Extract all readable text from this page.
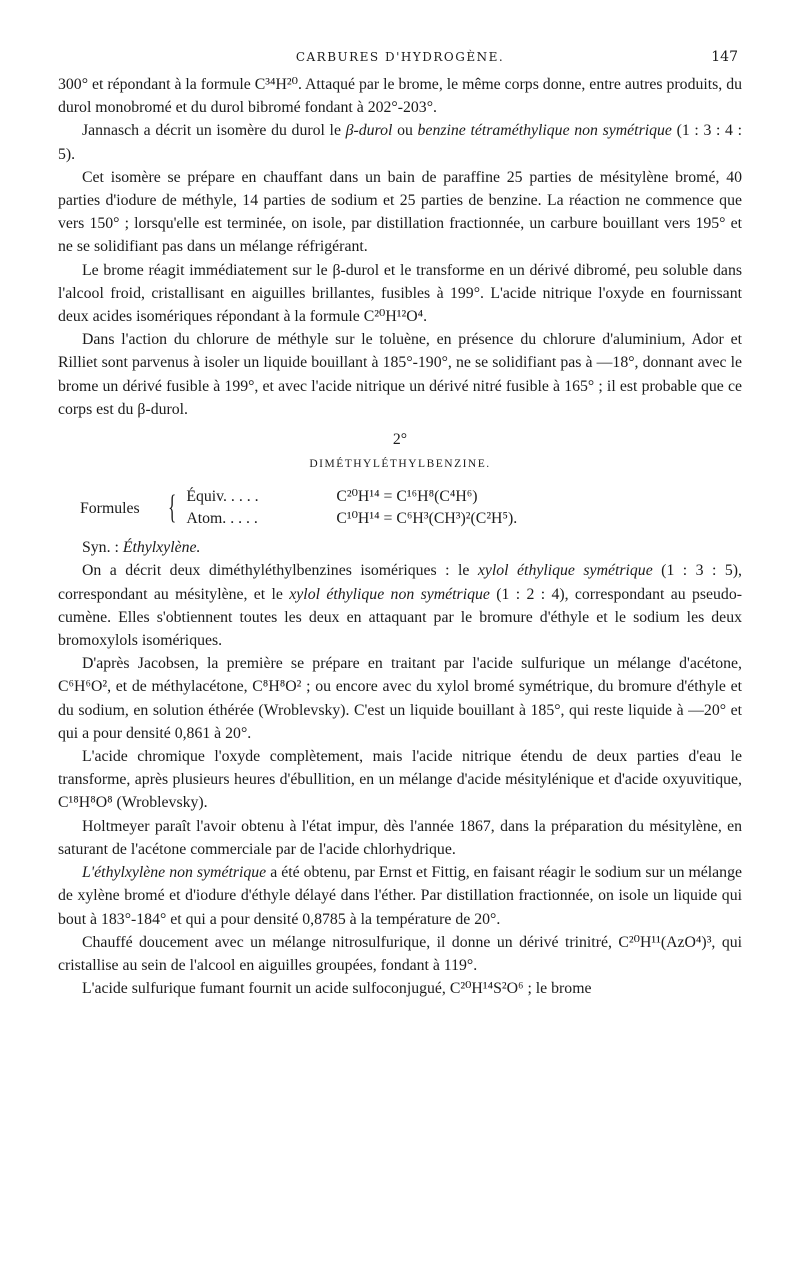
CARBURES D'HYDROGÈNE.	147

300° et répondant à la formule C³⁴H²⁰. Attaqué par le brome, le même corps donne, entre autres produits, du durol monobromé et du durol bibromé fondant à 202°-203°.

Jannasch a décrit un isomère du durol le β-durol ou benzine tétraméthylique non symétrique (1 : 3 : 4 : 5).

Cet isomère se prépare en chauffant dans un bain de paraffine 25 parties de mésitylène bromé, 40 parties d'iodure de méthyle, 14 parties de sodium et 25 parties de benzine. La réaction ne commence que vers 150° ; lorsqu'elle est terminée, on isole, par distillation fractionnée, un carbure bouillant vers 195° et ne se solidifiant pas dans un mélange réfrigérant.

Le brome réagit immédiatement sur le β-durol et le transforme en un dérivé dibromé, peu soluble dans l'alcool froid, cristallisant en aiguilles brillantes, fusibles à 199°. L'acide nitrique l'oxyde en fournissant deux acides isomériques répondant à la formule C²⁰H¹²O⁴.

Dans l'action du chlorure de méthyle sur le toluène, en présence du chlorure d'aluminium, Ador et Rilliet sont parvenus à isoler un liquide bouillant à 185°-190°, ne se solidifiant pas à —18°, donnant avec le brome un dérivé fusible à 199°, et avec l'acide nitrique un dérivé nitré fusible à 165° ; il est probable que ce corps est du β-durol.

2°
DIMÉTHYLÉTHYLBENZINE.
Formules { Équiv. . . . .	C²⁰H¹⁴ = C¹⁶H⁸(C⁴H⁶)
Atom. . . . .	C¹⁰H¹⁴ = C⁶H³(CH³)²(C²H⁵).

Syn. : Éthylxylène.

On a décrit deux diméthyléthylbenzines isomériques : le xylol éthylique symétrique (1 : 3 : 5), correspondant au mésitylène, et le xylol éthylique non symétrique (1 : 2 : 4), correspondant au pseudo-cumène. Elles s'obtiennent toutes les deux en attaquant par le bromure d'éthyle et le sodium les deux bromoxylols isomériques.

D'après Jacobsen, la première se prépare en traitant par l'acide sulfurique un mélange d'acétone, C⁶H⁶O², et de méthylacétone, C⁸H⁸O² ; ou encore avec du xylol bromé symétrique, du bromure d'éthyle et du sodium, en solution éthérée (Wroblevsky). C'est un liquide bouillant à 185°, qui reste liquide à —20° et qui a pour densité 0,861 à 20°.

L'acide chromique l'oxyde complètement, mais l'acide nitrique étendu de deux parties d'eau le transforme, après plusieurs heures d'ébullition, en un mélange d'acide mésitylénique et d'acide oxyuvitique, C¹⁸H⁸O⁸ (Wroblevsky).

Holtmeyer paraît l'avoir obtenu à l'état impur, dès l'année 1867, dans la préparation du mésitylène, en saturant de l'acétone commerciale par de l'acide chlorhydrique.

L'éthylxylène non symétrique a été obtenu, par Ernst et Fittig, en faisant réagir le sodium sur un mélange de xylène bromé et d'iodure d'éthyle délayé dans l'éther. Par distillation fractionnée, on isole un liquide qui bout à 183°-184° et qui a pour densité 0,8785 à la température de 20°.

Chauffé doucement avec un mélange nitrosulfurique, il donne un dérivé trinitré, C²⁰H¹¹(AzO⁴)³, qui cristallise au sein de l'alcool en aiguilles groupées, fondant à 119°.

L'acide sulfurique fumant fournit un acide sulfoconjugué, C²⁰H¹⁴S²O⁶ ; le brome
